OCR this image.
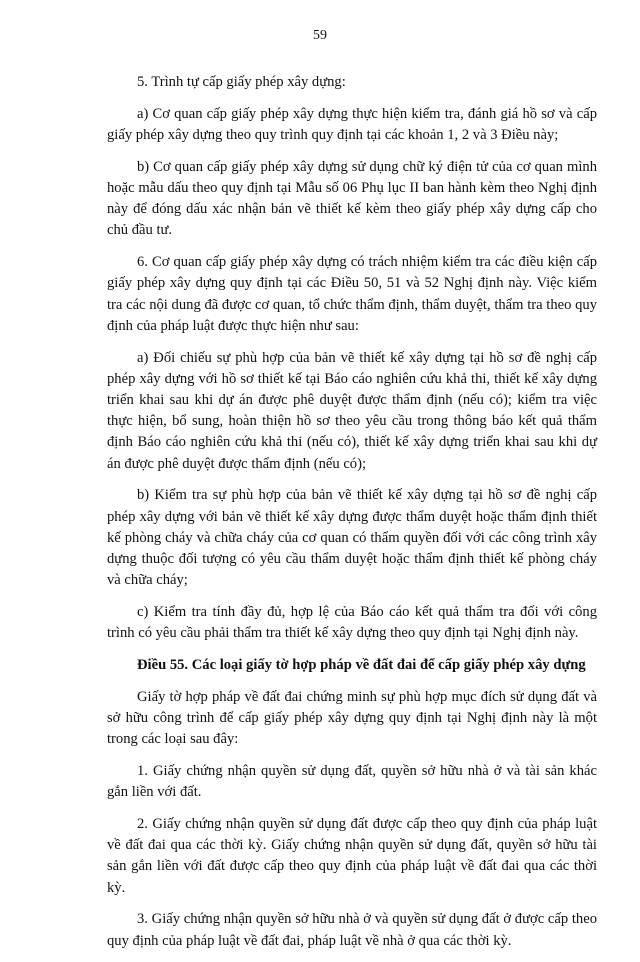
59

5. Trình tự cấp giấy phép xây dựng:

a) Cơ quan cấp giấy phép xây dựng thực hiện kiểm tra, đánh giá hồ sơ và cấp giấy phép xây dựng theo quy trình quy định tại các khoản 1, 2 và 3 Điều này;

b) Cơ quan cấp giấy phép xây dựng sử dụng chữ ký điện tử của cơ quan mình hoặc mẫu dấu theo quy định tại Mẫu số 06 Phụ lục II ban hành kèm theo Nghị định này để đóng dấu xác nhận bản vẽ thiết kế kèm theo giấy phép xây dựng cấp cho chủ đầu tư.

6. Cơ quan cấp giấy phép xây dựng có trách nhiệm kiểm tra các điều kiện cấp giấy phép xây dựng quy định tại các Điều 50, 51 và 52 Nghị định này. Việc kiểm tra các nội dung đã được cơ quan, tổ chức thẩm định, thẩm duyệt, thẩm tra theo quy định của pháp luật được thực hiện như sau:

a) Đối chiếu sự phù hợp của bản vẽ thiết kế xây dựng tại hồ sơ đề nghị cấp phép xây dựng với hồ sơ thiết kế tại Báo cáo nghiên cứu khả thi, thiết kế xây dựng triển khai sau khi dự án được phê duyệt được thẩm định (nếu có); kiểm tra việc thực hiện, bổ sung, hoàn thiện hồ sơ theo yêu cầu trong thông báo kết quả thẩm định Báo cáo nghiên cứu khả thi (nếu có), thiết kế xây dựng triển khai sau khi dự án được phê duyệt được thẩm định (nếu có);

b) Kiểm tra sự phù hợp của bản vẽ thiết kế xây dựng tại hồ sơ đề nghị cấp phép xây dựng với bản vẽ thiết kế xây dựng được thẩm duyệt hoặc thẩm định thiết kế phòng cháy và chữa cháy của cơ quan có thẩm quyền đối với các công trình xây dựng thuộc đối tượng có yêu cầu thẩm duyệt hoặc thẩm định thiết kế phòng cháy và chữa cháy;

c) Kiểm tra tính đầy đủ, hợp lệ của Báo cáo kết quả thẩm tra đối với công trình có yêu cầu phải thẩm tra thiết kế xây dựng theo quy định tại Nghị định này.

Điều 55. Các loại giấy tờ hợp pháp về đất đai để cấp giấy phép xây dựng

Giấy tờ hợp pháp về đất đai chứng minh sự phù hợp mục đích sử dụng đất và sở hữu công trình để cấp giấy phép xây dựng quy định tại Nghị định này là một trong các loại sau đây:

1. Giấy chứng nhận quyền sử dụng đất, quyền sở hữu nhà ở và tài sản khác gắn liền với đất.

2. Giấy chứng nhận quyền sử dụng đất được cấp theo quy định của pháp luật về đất đai qua các thời kỳ. Giấy chứng nhận quyền sử dụng đất, quyền sở hữu tài sản gắn liền với đất được cấp theo quy định của pháp luật về đất đai qua các thời kỳ.

3. Giấy chứng nhận quyền sở hữu nhà ở và quyền sử dụng đất ở được cấp theo quy định của pháp luật về đất đai, pháp luật về nhà ở qua các thời kỳ.
